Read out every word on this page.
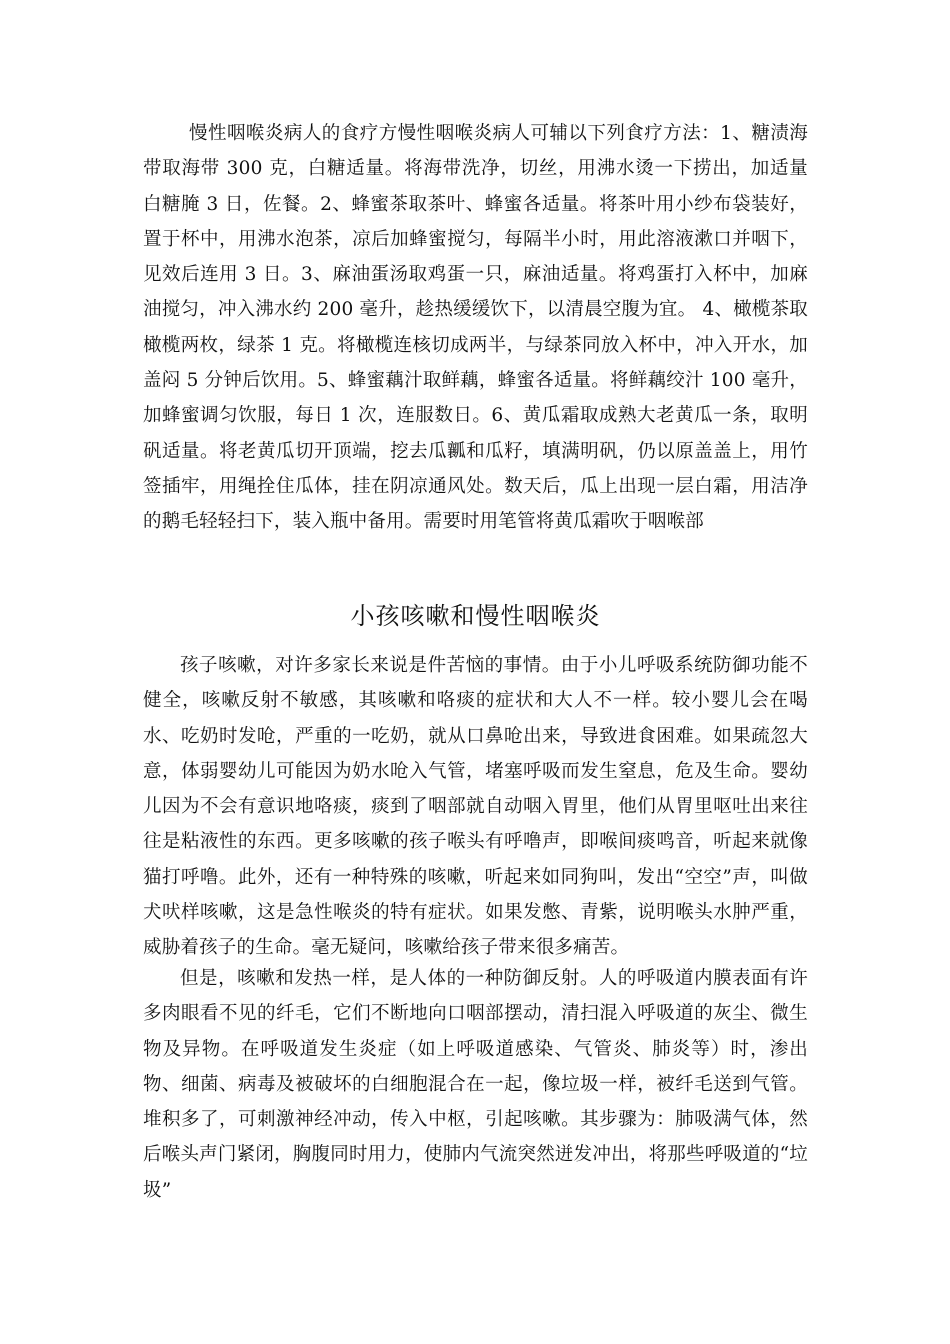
慢性咽喉炎病人的食疗方慢性咽喉炎病人可辅以下列食疗方法：1、糖渍海带取海带 300 克，白糖适量。将海带洗净，切丝，用沸水烫一下捞出，加适量白糖腌 3 日，佐餐。2、蜂蜜茶取茶叶、蜂蜜各适量。将茶叶用小纱布袋装好，置于杯中，用沸水泡茶，凉后加蜂蜜搅匀，每隔半小时，用此溶液漱口并咽下，见效后连用 3 日。3、麻油蛋汤取鸡蛋一只，麻油适量。将鸡蛋打入杯中，加麻油搅匀，冲入沸水约 200 毫升，趁热缓缓饮下，以清晨空腹为宜。 4、橄榄茶取橄榄两枚，绿茶 1 克。将橄榄连核切成两半，与绿茶同放入杯中，冲入开水，加盖闷 5 分钟后饮用。5、蜂蜜藕汁取鲜藕，蜂蜜各适量。将鲜藕绞汁 100 毫升，加蜂蜜调匀饮服，每日 1 次，连服数日。6、黄瓜霜取成熟大老黄瓜一条，取明矾适量。将老黄瓜切开顶端，挖去瓜瓤和瓜籽，填满明矾，仍以原盖盖上，用竹签插牢，用绳拴住瓜体，挂在阴凉通风处。数天后，瓜上出现一层白霜，用洁净的鹅毛轻轻扫下，装入瓶中备用。需要时用笔管将黄瓜霜吹于咽喉部

小孩咳嗽和慢性咽喉炎

孩子咳嗽，对许多家长来说是件苦恼的事情。由于小儿呼吸系统防御功能不健全，咳嗽反射不敏感，其咳嗽和咯痰的症状和大人不一样。较小婴儿会在喝水、吃奶时发呛，严重的一吃奶，就从口鼻呛出来，导致进食困难。如果疏忽大意，体弱婴幼儿可能因为奶水呛入气管，堵塞呼吸而发生窒息，危及生命。婴幼儿因为不会有意识地咯痰，痰到了咽部就自动咽入胃里，他们从胃里呕吐出来往往是粘液性的东西。更多咳嗽的孩子喉头有呼噜声，即喉间痰鸣音，听起来就像猫打呼噜。此外，还有一种特殊的咳嗽，听起来如同狗叫，发出“空空”声，叫做犬吠样咳嗽，这是急性喉炎的特有症状。如果发憋、青紫，说明喉头水肿严重，威胁着孩子的生命。毫无疑问，咳嗽给孩子带来很多痛苦。

但是，咳嗽和发热一样，是人体的一种防御反射。人的呼吸道内膜表面有许多肉眼看不见的纤毛，它们不断地向口咽部摆动，清扫混入呼吸道的灰尘、微生物及异物。在呼吸道发生炎症（如上呼吸道感染、气管炎、肺炎等）时，渗出物、细菌、病毒及被破坏的白细胞混合在一起，像垃圾一样，被纤毛送到气管。堆积多了，可刺激神经冲动，传入中枢，引起咳嗽。其步骤为：肺吸满气体，然后喉头声门紧闭，胸腹同时用力，使肺内气流突然迸发冲出，将那些呼吸道的“垃圾”
